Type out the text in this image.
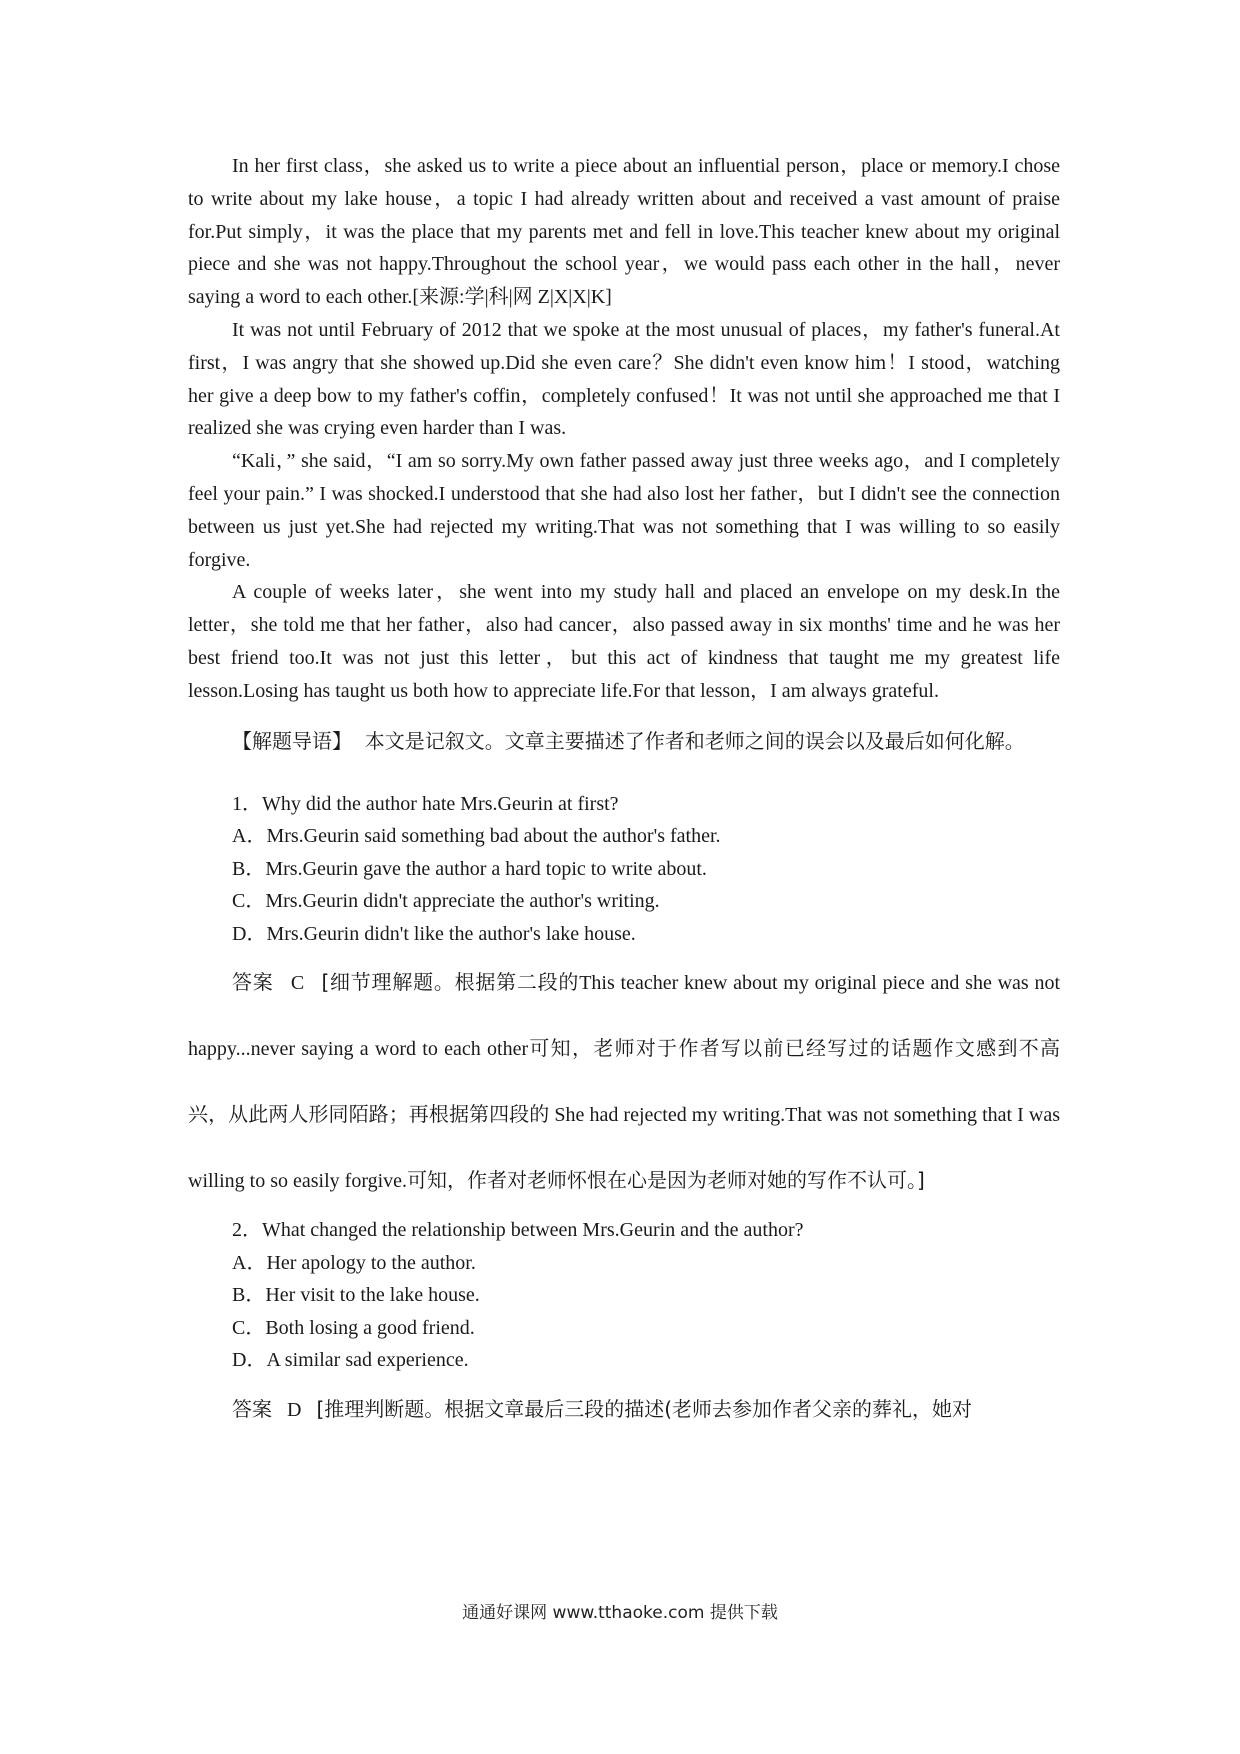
In her first class，she asked us to write a piece about an influential person，place or memory.I chose to write about my lake house，a topic I had already written about and received a vast amount of praise for.Put simply，it was the place that my parents met and fell in love.This teacher knew about my original piece and she was not happy.Throughout the school year，we would pass each other in the hall，never saying a word to each other.[来源:学|科|网 Z|X|X|K]

It was not until February of 2012 that we spoke at the most unusual of places，my father's funeral.At first，I was angry that she showed up.Did she even care？She didn't even know him！I stood，watching her give a deep bow to my father's coffin，completely confused！It was not until she approached me that I realized she was crying even harder than I was.

“Kali，” she said，“I am so sorry.My own father passed away just three weeks ago，and I completely feel your pain.” I was shocked.I understood that she had also lost her father，but I didn't see the connection between us just yet.She had rejected my writing.That was not something that I was willing to so easily forgive.

A couple of weeks later，she went into my study hall and placed an envelope on my desk.In the letter，she told me that her father，also had cancer，also passed away in six months' time and he was her best friend too.It was not just this letter，but this act of kindness that taught me my greatest life lesson.Losing has taught us both how to appreciate life.For that lesson，I am always grateful.

【解题导语】 本文是记叙文。文章主要描述了作者和老师之间的误会以及最后如何化解。

1．Why did the author hate Mrs.Geurin at first?

A．Mrs.Geurin said something bad about the author's father.

B．Mrs.Geurin gave the author a hard topic to write about.

C．Mrs.Geurin didn't appreciate the author's writing.

D．Mrs.Geurin didn't like the author's lake house.

答案 C [细节理解题。根据第二段的This teacher knew about my original piece and she was not happy...never saying a word to each other可知，老师对于作者写以前已经写过的话题作文感到不高兴，从此两人形同陌路；再根据第四段的 She had rejected my writing.That was not something that I was willing to so easily forgive.可知，作者对老师怀恨在心是因为老师对她的写作不认可。]

2．What changed the relationship between Mrs.Geurin and the author?

A．Her apology to the author.

B．Her visit to the lake house.

C．Both losing a good friend.

D．A similar sad experience.

答案 D [推理判断题。根据文章最后三段的描述(老师去参加作者父亲的葬礼，她对

通通好课网 www.tthaoke.com 提供下载
